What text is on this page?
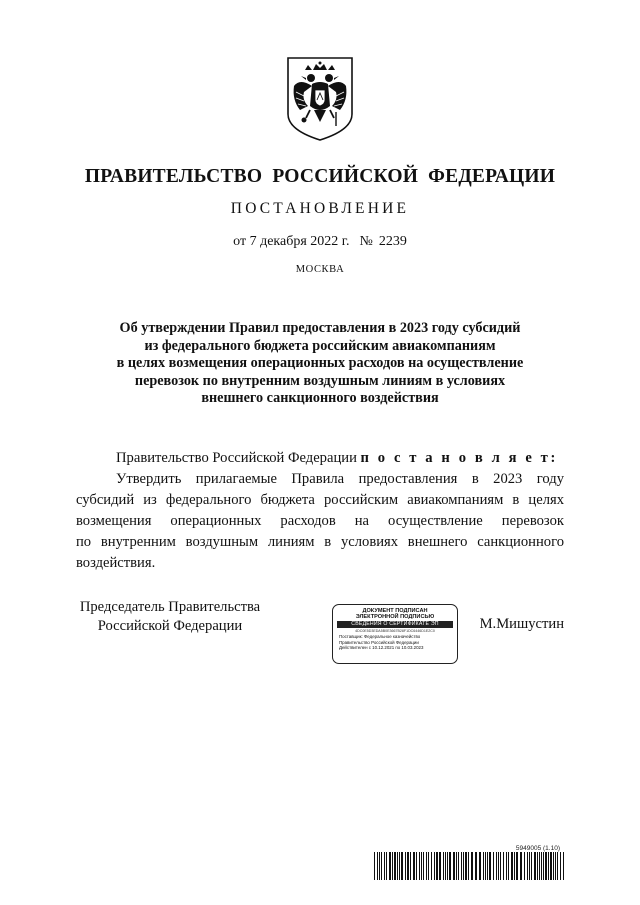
ПРАВИТЕЛЬСТВО РОССИЙСКОЙ ФЕДЕРАЦИИ
ПОСТАНОВЛЕНИЕ
от 7 декабря 2022 г. № 2239
МОСКВА
Об утверждении Правил предоставления в 2023 году субсидий
из федерального бюджета российским авиакомпаниям
в целях возмещения операционных расходов на осуществление
перевозок по внутренним воздушным линиям в условиях
внешнего санкционного воздействия
Правительство Российской Федерации п о с т а н о в л я е т:
Утвердить прилагаемые Правила предоставления в 2023 году
субсидий из федерального бюджета российским авиакомпаниям в целях
возмещения операционных расходов на осуществление перевозок
по внутренним воздушным линиям в условиях внешнего санкционного
воздействия.
Председатель Правительства
Российской Федерации
ДОКУМЕНТ ПОДПИСАН
ЭЛЕКТРОННОЙ ПОДПИСЬЮ
СВЕДЕНИЯ О СЕРТИФИКАТЕ ЭП
4DC0E5D3EDA5B0E3667B28F1DC6446D1E2C0
Поставщик: Федеральное казначейство
Правительство Российской Федерации
Действителен с 10.12.2021 по 10.03.2023
М.Мишустин
5949005 (1.10)
